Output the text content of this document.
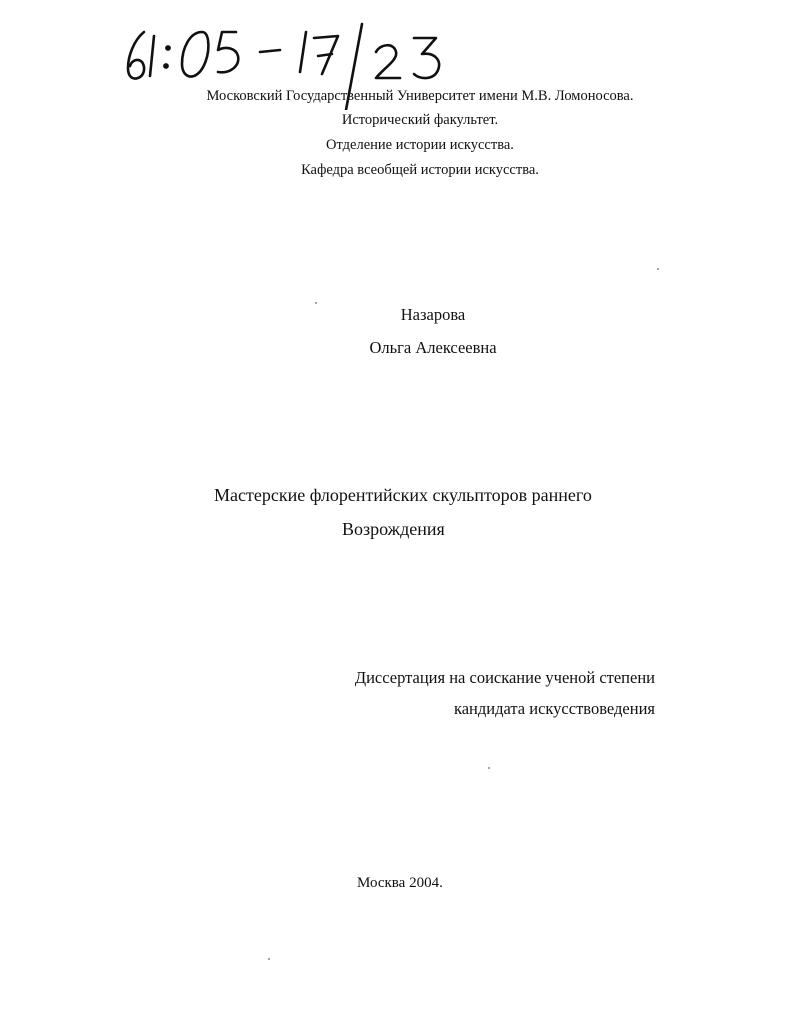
Московский Государственный Университет имени М.В. Ломоносова.
Исторический факультет.
Отделение истории искусства.
Кафедра всеобщей истории искусства.
Назарова
Ольга Алексеевна
Мастерские флорентийских скульпторов раннего
Возрождения
Диссертация на соискание ученой степени
кандидата искусствоведения
Москва 2004.
